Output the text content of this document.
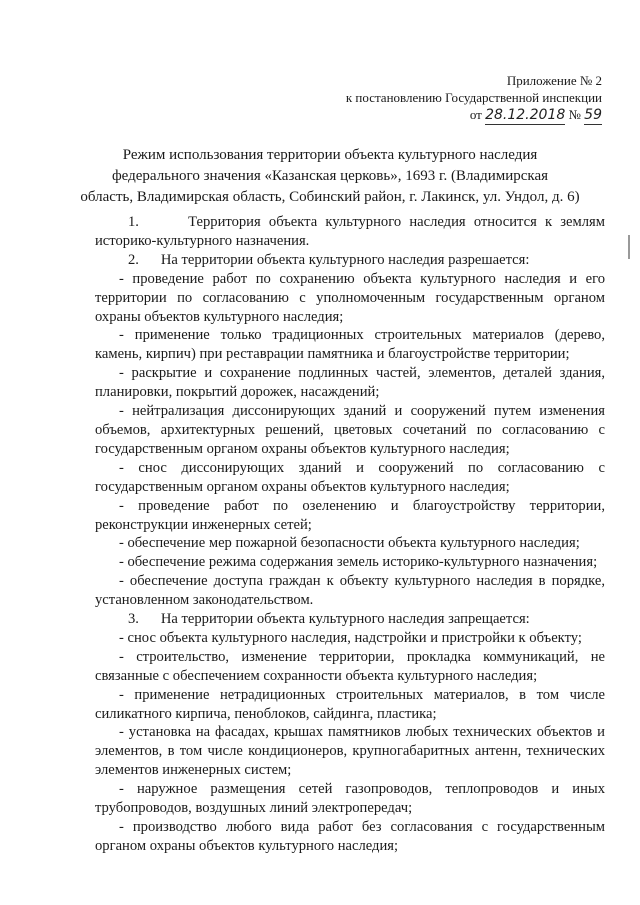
Приложение № 2
к постановлению Государственной инспекции
от 28.12.2018 № 59
Режим использования территории объекта культурного наследия
федерального значения «Казанская церковь», 1693 г. (Владимирская
область, Владимирская область, Собинский район, г. Лакинск, ул. Ундол, д. 6)

1.	Территория объекта культурного наследия относится к землям историко-культурного назначения.

2. На территории объекта культурного наследия разрешается:

- проведение работ по сохранению объекта культурного наследия и его территории по согласованию с уполномоченным государственным органом охраны объектов культурного наследия;

- применение только традиционных строительных материалов (дерево, камень, кирпич) при реставрации памятника и благоустройстве территории;

- раскрытие и сохранение подлинных частей, элементов, деталей здания, планировки, покрытий дорожек, насаждений;

- нейтрализация диссонирующих зданий и сооружений путем изменения объемов, архитектурных решений, цветовых сочетаний по согласованию с государственным органом охраны объектов культурного наследия;

- снос диссонирующих зданий и сооружений по согласованию с государственным органом охраны объектов культурного наследия;

- проведение работ по озеленению и благоустройству территории, реконструкции инженерных сетей;

- обеспечение мер пожарной безопасности объекта культурного наследия;

- обеспечение режима содержания земель историко-культурного назначения;

- обеспечение доступа граждан к объекту культурного наследия в порядке, установленном законодательством.

3. На территории объекта культурного наследия запрещается:

- снос объекта культурного наследия, надстройки и пристройки к объекту;

- строительство, изменение территории, прокладка коммуникаций, не связанные с обеспечением сохранности объекта культурного наследия;

- применение нетрадиционных строительных материалов, в том числе силикатного кирпича, пеноблоков, сайдинга, пластика;

- установка на фасадах, крышах памятников любых технических объектов и элементов, в том числе кондиционеров, крупногабаритных антенн, технических элементов инженерных систем;

- наружное размещения сетей газопроводов, теплопроводов и иных трубопроводов, воздушных линий электропередач;

- производство любого вида работ без согласования с государственным органом охраны объектов культурного наследия;
